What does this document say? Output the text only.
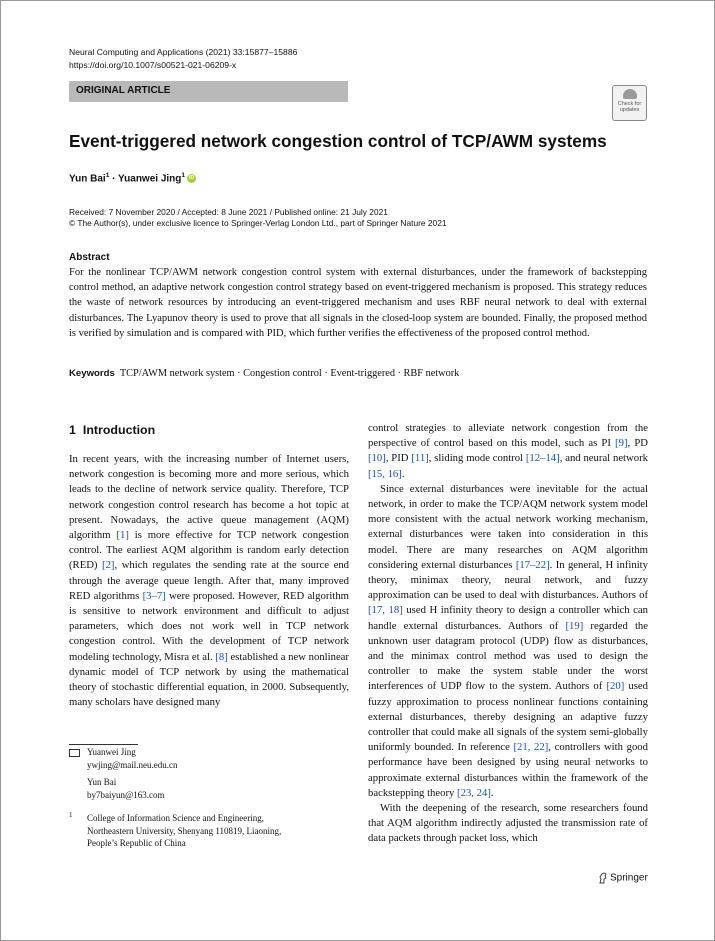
Neural Computing and Applications (2021) 33:15877–15886
https://doi.org/10.1007/s00521-021-06209-x
ORIGINAL ARTICLE
Check for
updates
Event-triggered network congestion control of TCP/AWM systems
Yun Bai$^1$ · Yuanwei Jing$^1$ iD
Received: 7 November 2020 / Accepted: 8 June 2021 / Published online: 21 July 2021
© The Author(s), under exclusive licence to Springer-Verlag London Ltd., part of Springer Nature 2021
Abstract
For the nonlinear TCP/AWM network congestion control system with external disturbances, under the framework of backstepping control method, an adaptive network congestion control strategy based on event-triggered mechanism is proposed. This strategy reduces the waste of network resources by introducing an event-triggered mechanism and uses RBF neural network to deal with external disturbances. The Lyapunov theory is used to prove that all signals in the closed-loop system are bounded. Finally, the proposed method is verified by simulation and is compared with PID, which further verifies the effectiveness of the proposed control method.
Keywords TCP/AWM network system · Congestion control · Event-triggered · RBF network
1 Introduction

In recent years, with the increasing number of Internet users, network congestion is becoming more and more serious, which leads to the decline of network service quality. Therefore, TCP network congestion control research has become a hot topic at present. Nowadays, the active queue management (AQM) algorithm [1] is more effective for TCP network congestion control. The earliest AQM algorithm is random early detection (RED) [2], which regulates the sending rate at the source end through the average queue length. After that, many improved RED algorithms [3–7] were proposed. However, RED algorithm is sensitive to network environment and difficult to adjust parameters, which does not work well in TCP network congestion control. With the development of TCP network modeling technology, Misra et al. [8] established a new nonlinear dynamic model of TCP network by using the mathematical theory of stochastic differential equation, in 2000. Subsequently, many scholars have designed many

control strategies to alleviate network congestion from the perspective of control based on this model, such as PI [9], PD [10], PID [11], sliding mode control [12–14], and neural network [15, 16].

Since external disturbances were inevitable for the actual network, in order to make the TCP/AQM network system model more consistent with the actual network working mechanism, external disturbances were taken into consideration in this model. There are many researches on AQM algorithm considering external disturbances [17–22]. In general, H infinity theory, minimax theory, neural network, and fuzzy approximation can be used to deal with disturbances. Authors of [17, 18] used H infinity theory to design a controller which can handle external disturbances. Authors of [19] regarded the unknown user datagram protocol (UDP) flow as disturbances, and the minimax control method was used to design the controller to make the system stable under the worst interferences of UDP flow to the system. Authors of [20] used fuzzy approximation to process nonlinear functions containing external disturbances, thereby designing an adaptive fuzzy controller that could make all signals of the system semi-globally uniformly bounded. In reference [21, 22], controllers with good performance have been designed by using neural networks to approximate external disturbances within the framework of the backstepping theory [23, 24].

With the deepening of the research, some researchers found that AQM algorithm indirectly adjusted the transmission rate of data packets through packet loss, which

Yuanwei Jing
ywjing@mail.neu.edu.cn
Yun Bai
by7baiyun@163.com
1 College of Information Science and Engineering,
Northeastern University, Shenyang 110819, Liaoning,
People’s Republic of China
Springer
